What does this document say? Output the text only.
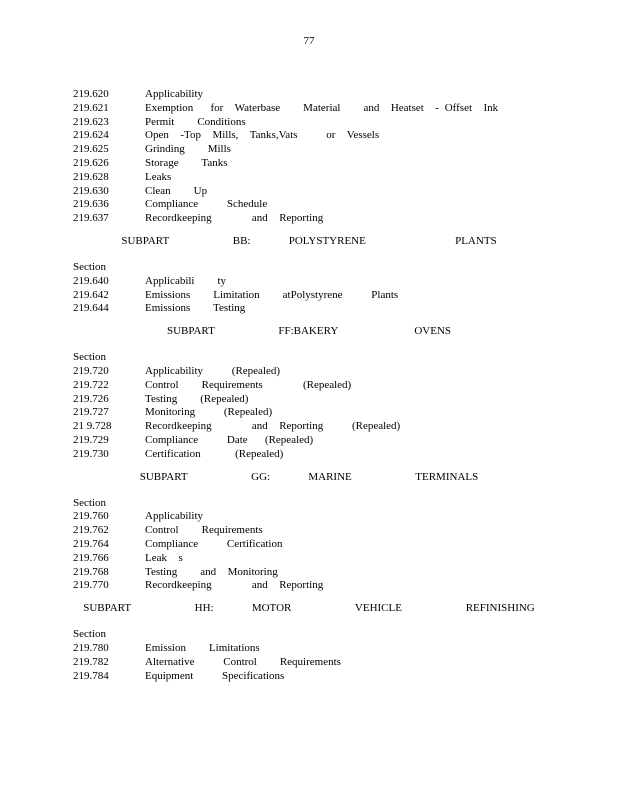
77
219.620	Applicability
219.621	Exemption   for  Waterbase    Material    and  Heatset  - Offset  Ink
219.623	Permit    Conditions
219.624	Open  -Top  Mills,  Tanks,Vats     or  Vessels
219.625	Grinding    Mills
219.626	Storage    Tanks
219.628	Leaks
219.630	Clean    Up
219.636	Compliance     Schedule
219.637	Recordkeeping       and  Reporting
SUBPART     BB:   POLYSTYRENE       PLANTS
Section
219.640	Applicabili    ty
219.642	Emissions    Limitation    atPolystyrene     Plants
219.644	Emissions    Testing
SUBPART     FF:BAKERY      OVENS
Section
219.720	Applicability     (Repealed)
219.722	Control    Requirements       (Repealed)
219.726	Testing    (Repealed)
219.727	Monitoring     (Repealed)
21 9.728	Recordkeeping       and  Reporting     (Repealed)
219.729	Compliance     Date   (Repealed)
219.730	Certification      (Repealed)
SUBPART     GG:   MARINE     TERMINALS
Section
219.760	Applicability
219.762	Control    Requirements
219.764	Compliance     Certification
219.766	Leak  s
219.768	Testing    and  Monitoring
219.770	Recordkeeping       and  Reporting
SUBPART     HH:   MOTOR     VEHICLE     REFINISHING
Section
219.780	Emission    Limitations
219.782	Alternative     Control    Requirements
219.784	Equipment     Specifications
